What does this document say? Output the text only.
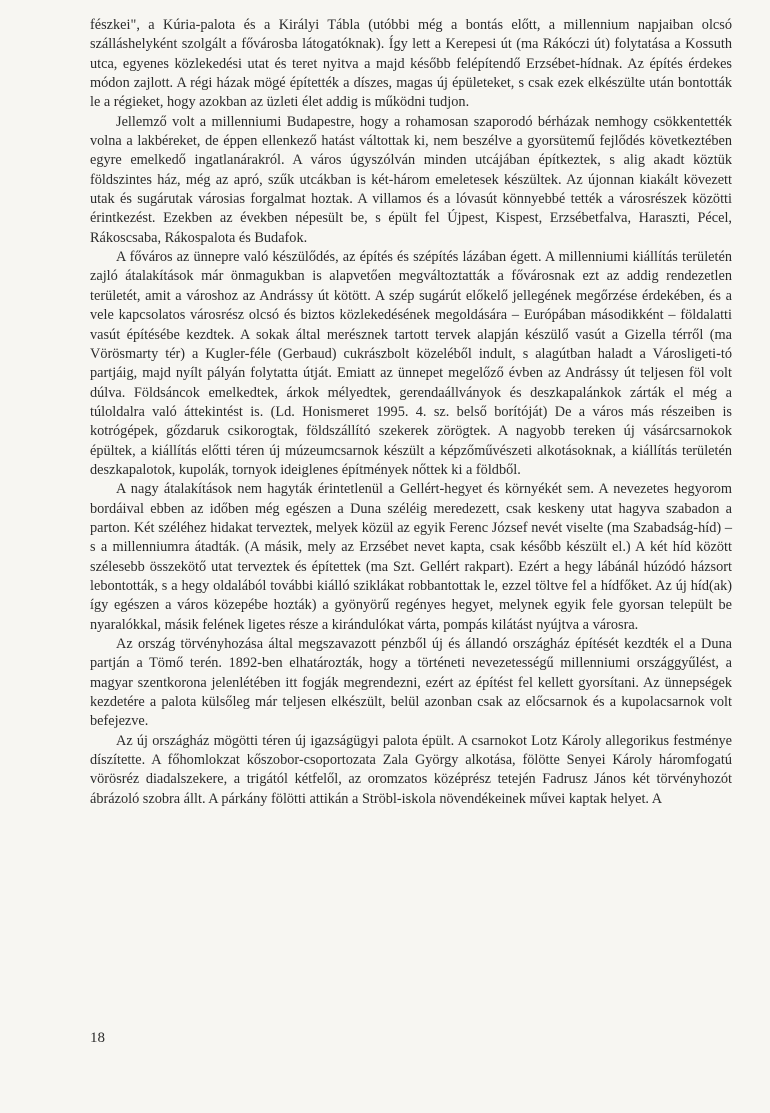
fészkei", a Kúria-palota és a Királyi Tábla (utóbbi még a bontás előtt, a millennium napjaiban olcsó szálláshelyként szolgált a fővárosba látogatóknak). Így lett a Kerepesi út (ma Rákóczi út) folytatása a Kossuth utca, egyenes közlekedési utat és teret nyitva a majd később felépítendő Erzsébet-hídnak. Az építés érdekes módon zajlott. A régi házak mögé építették a díszes, magas új épületeket, s csak ezek elkészülte után bontották le a régieket, hogy azokban az üzleti élet addig is működni tudjon.

Jellemző volt a millenniumi Budapestre, hogy a rohamosan szaporodó bérházak nemhogy csökkentették volna a lakbéreket, de éppen ellenkező hatást váltottak ki, nem beszélve a gyorsütemű fejlődés következtében egyre emelkedő ingatlanárakról. A város úgyszólván minden utcájában építkeztek, s alig akadt köztük földszintes ház, még az apró, szűk utcákban is két-három emeletesek készültek. Az újonnan kiakált kövezett utak és sugárutak városias forgalmat hoztak. A villamos és a lóvasút könnyebbé tették a városrészek közötti érintkezést. Ezekben az években népesült be, s épült fel Újpest, Kispest, Erzsébetfalva, Haraszti, Pécel, Rákoscsaba, Rákospalota és Budafok.

A főváros az ünnepre való készülődés, az építés és szépítés lázában égett. A millenniumi kiállítás területén zajló átalakítások már önmagukban is alapvetően megváltoztatták a fővárosnak ezt az addig rendezetlen területét, amit a városhoz az Andrássy út kötött. A szép sugárút előkelő jellegének megőrzése érdekében, és a vele kapcsolatos városrész olcsó és biztos közlekedésének megoldására – Európában másodikként – földalatti vasút építésébe kezdtek. A sokak által merésznek tartott tervek alapján készülő vasút a Gizella térről (ma Vörösmarty tér) a Kugler-féle (Gerbaud) cukrászbolt közeléből indult, s alagútban haladt a Városligeti-tó partjáig, majd nyílt pályán folytatta útját. Emiatt az ünnepet megelőző évben az Andrássy út teljesen föl volt dúlva. Földsáncok emelkedtek, árkok mélyedtek, gerendaállványok és deszkapalánkok zárták el még a túloldalra való áttekintést is. (Ld. Honismeret 1995. 4. sz. belső borítóját) De a város más részeiben is kotrógépek, gőzdaruk csikorogtak, földszállító szekerek zörögtek. A nagyobb tereken új vásárcsarnokok épültek, a kiállítás előtti téren új múzeumcsarnok készült a képzőművészeti alkotásoknak, a kiállítás területén deszkapalotok, kupolák, tornyok ideiglenes építmények nőttek ki a földből.

A nagy átalakítások nem hagyták érintetlenül a Gellért-hegyet és környékét sem. A nevezetes hegyorom bordáival ebben az időben még egészen a Duna széléig meredezett, csak keskeny utat hagyva szabadon a parton. Két széléhez hidakat terveztek, melyek közül az egyik Ferenc József nevét viselte (ma Szabadság-híd) – s a millenniumra átadták. (A másik, mely az Erzsébet nevet kapta, csak később készült el.) A két híd között szélesebb összekötő utat terveztek és építettek (ma Szt. Gellért rakpart). Ezért a hegy lábánál húzódó házsort lebontották, s a hegy oldalából további kiálló sziklákat robbantottak le, ezzel töltve fel a hídfőket. Az új híd(ak) így egészen a város közepébe hozták) a gyönyörű regényes hegyet, melynek egyik fele gyorsan települt be nyaralókkal, másik felének ligetes része a kirándulókat várta, pompás kilátást nyújtva a városra.

Az ország törvényhozása által megszavazott pénzből új és állandó országház építését kezdték el a Duna partján a Tömő terén. 1892-ben elhatározták, hogy a történeti nevezetességű millenniumi országgyűlést, a magyar szentkorona jelenlétében itt fogják megrendezni, ezért az építést fel kellett gyorsítani. Az ünnepségek kezdetére a palota külsőleg már teljesen elkészült, belül azonban csak az előcsarnok és a kupolacsarnok volt befejezve.

Az új országház mögötti téren új igazságügyi palota épült. A csarnokot Lotz Károly allegorikus festménye díszítette. A főhomlokzat kőszobor-csoportozata Zala György alkotása, fölötte Senyei Károly háromfogatú vörösréz diadalszekere, a trigától kétfelől, az oromzatos középrész tetején Fadrusz János két törvényhozót ábrázoló szobra állt. A párkány fölötti attikán a Ströbl-iskola növendékeinek művei kaptak helyet. A

18
